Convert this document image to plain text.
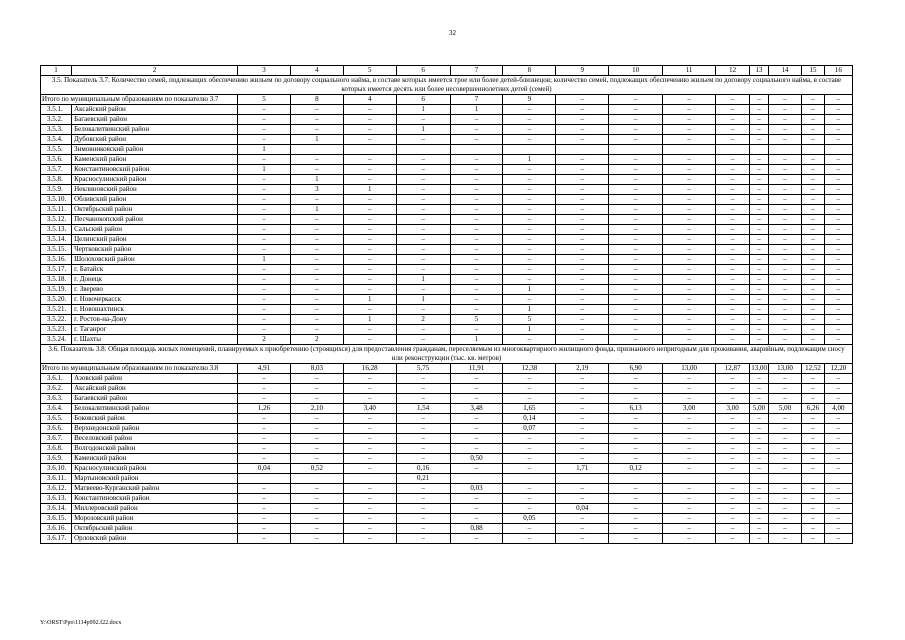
32
1	2	3	4	5	6	7	8	9	10	11	12	13	14	15	16
3.5. Показатель 3.7. Количество семей, подлежащих обеспечению жильем по договору социального найма, в составе которых имеется трое или более детей-близнецов; количество семей, подлежащих обеспечению жильем по договору социального найма, в составе которых имеется десять или более несовершеннолетних детей (семей)															
Итого по муниципальным образованиям по показателю 3.7		5	8	4	6	7	9	–	–	–	–	–	–	–	–
3.5.1.	Аксайский район	–	–	–	1	1	–	–	–	–	–	–	–	–	–
3.5.2.	Багаевский район	–	–	–	–	–	–	–	–	–	–	–	–	–	–
3.5.3.	Белокалитвинский район	–	–	–	1	–	–	–	–	–	–	–	–	–	–
3.5.4.	Дубовский район	–	1	–	–	–	–	–	–	–	–	–	–	–	–
3.5.5.	Зимовниковский район	1													
3.5.6.	Каменский район	–	–	–	–	–	1	–	–	–	–	–	–	–	–
3.5.7.	Константиновский район	1	–	–	–	–	–	–	–	–	–	–	–	–	–
3.5.8.	Красносулинский район	–	1	–	–	–	–	–	–	–	–	–	–	–	–
3.5.9.	Неклиновский район	–	3	1	–	–	–	–	–	–	–	–	–	–	–
3.5.10.	Обливский район	–	–	–	–	–	–	–	–	–	–	–	–	–	–
3.5.11.	Октябрьский район	–	1	–	–	–	–	–	–	–	–	–	–	–	–
3.5.12.	Песчанокопский район	–	–	–	–	–	–	–	–	–	–	–	–	–	–
3.5.13.	Сальский район	–	–	–	–	–	–	–	–	–	–	–	–	–	–
3.5.14.	Целинский район	–	–	–	–	–	–	–	–	–	–	–	–	–	–
3.5.15.	Чертковский район	–	–	–	–	–	–	–	–	–	–	–	–	–	–
3.5.16.	Шолоховский район	1	–	–	–	–	–	–	–	–	–	–	–	–	–
3.5.17.	г. Батайск	–	–	–	–	–	–	–	–	–	–	–	–	–	–
3.5.18.	г. Донецк	–	–	–	1	–	–	–	–	–	–	–	–	–	–
3.5.19.	г. Зверево	–	–	–	–	–	1	–	–	–	–	–	–	–	–
3.5.20.	г. Новочеркасск	–	–	1	1	–	–	–	–	–	–	–	–	–	–
3.5.21.	г. Новошахтинск	–	–	–	–	–	1	–	–	–	–	–	–	–	–
3.5.22.	г. Ростов-на-Дону	–	–	1	2	5	5	–	–	–	–	–	–	–	–
3.5.23.	г. Таганрог	–	–	–	–	–	1	–	–	–	–	–	–	–	–
3.5.24.	г. Шахты	2	2	–	–	1	–	–	–	–	–	–	–	–	–
3.6. Показатель 3.8. Общая площадь жилых помещений, планируемых к приобретению (строящихся) для предоставления гражданам, переселяемым из многоквартирного жилищного фонда, признанного непригодным для проживания, аварийным, подлежащим сносу или реконструкции (тыс. кв. метров)															
Итого по муниципальным образованиям по показателю 3.8		4,91	8,03	16,28	5,75	11,91	12,38	2,19	6,90	13,00	12,87	13,00	13,00	12,52	12,20
3.6.1.	Азовский район	–	–	–	–	–	–	–	–	–	–	–	–	–	–
3.6.2.	Аксайский район	–	–	–	–	–	–	–	–	–	–	–	–	–	–
3.6.3.	Багаевский район	–	–	–	–	–	–	–	–	–	–	–	–	–	–
3.6.4.	Белокалитвинский район	1,26	2,10	3,40	1,54	3,48	1,65	–	6,13	3,00	3,00	5,00	5,00	6,26	4,00
3.6.5.	Боковский район	–	–	–	–	–	0,14	–	–	–	–	–	–	–	–
3.6.6.	Верхнедонской район	–	–	–	–	–	0,07	–	–	–	–	–	–	–	–
3.6.7.	Веселовский район	–	–	–	–	–	–	–	–	–	–	–	–	–	–
3.6.8.	Волгодонской район	–	–	–	–	–	–	–	–	–	–	–	–	–	–
3.6.9.	Каменский район	–	–	–	–	0,50	–	–	–	–	–	–	–	–	–
3.6.10.	Красносулинский район	0,04	0,52	–	0,16	–	–	1,71	0,12	–	–	–	–	–	–
3.6.11.	Мартыновский район				0,21										
3.6.12.	Матвеево-Курганский район	–	–	–	–	0,03	–	–	–	–	–	–	–	–	–
3.6.13.	Константиновский район	–	–	–	–	–	–	–	–	–	–	–	–	–	–
3.6.14.	Миллеровский район	–	–	–	–	–	–	0,04	–	–	–	–	–	–	–
3.6.15.	Морозовский район	–	–	–	–	–	0,05	–	–	–	–	–	–	–	–
3.6.16.	Октябрьский район	–	–	–	–	0,88	–	–	–	–	–	–	–	–	–
3.6.17.	Орловский район	–	–	–	–	–	–	–	–	–	–	–	–	–	–
Y:\ORST\Ppo\1114p992.f22.docx
